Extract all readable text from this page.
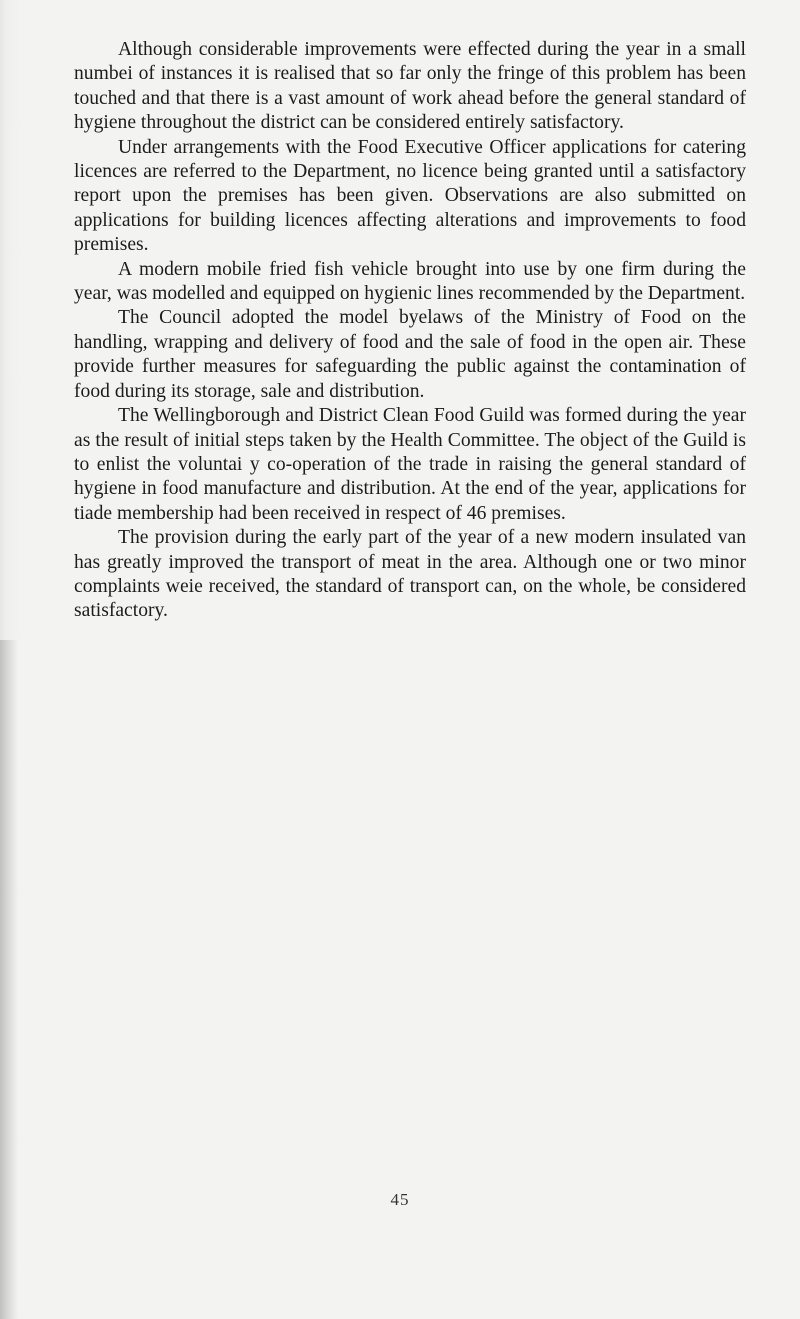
Although considerable improvements were effected during the year in a small numbei of instances it is realised that so far only the fringe of this problem has been touched and that there is a vast amount of work ahead before the general standard of hygiene throughout the district can be considered entirely satisfactory.

Under arrangements with the Food Executive Officer applications for catering licences are referred to the Department, no licence being granted until a satisfactory report upon the premises has been given. Observations are also submitted on applications for building licences affecting alterations and improvements to food premises.

A modern mobile fried fish vehicle brought into use by one firm during the year, was modelled and equipped on hygienic lines recommended by the Department.

The Council adopted the model byelaws of the Ministry of Food on the handling, wrapping and delivery of food and the sale of food in the open air. These provide further measures for safeguarding the public against the contamination of food during its storage, sale and distribution.

The Wellingborough and District Clean Food Guild was formed during the year as the result of initial steps taken by the Health Committee. The object of the Guild is to enlist the voluntai y co-operation of the trade in raising the general standard of hygiene in food manufacture and distribution. At the end of the year, applications for tiade membership had been received in respect of 46 premises.

The provision during the early part of the year of a new modern insulated van has greatly improved the transport of meat in the area. Although one or two minor complaints weie received, the standard of transport can, on the whole, be considered satisfactory.

45
